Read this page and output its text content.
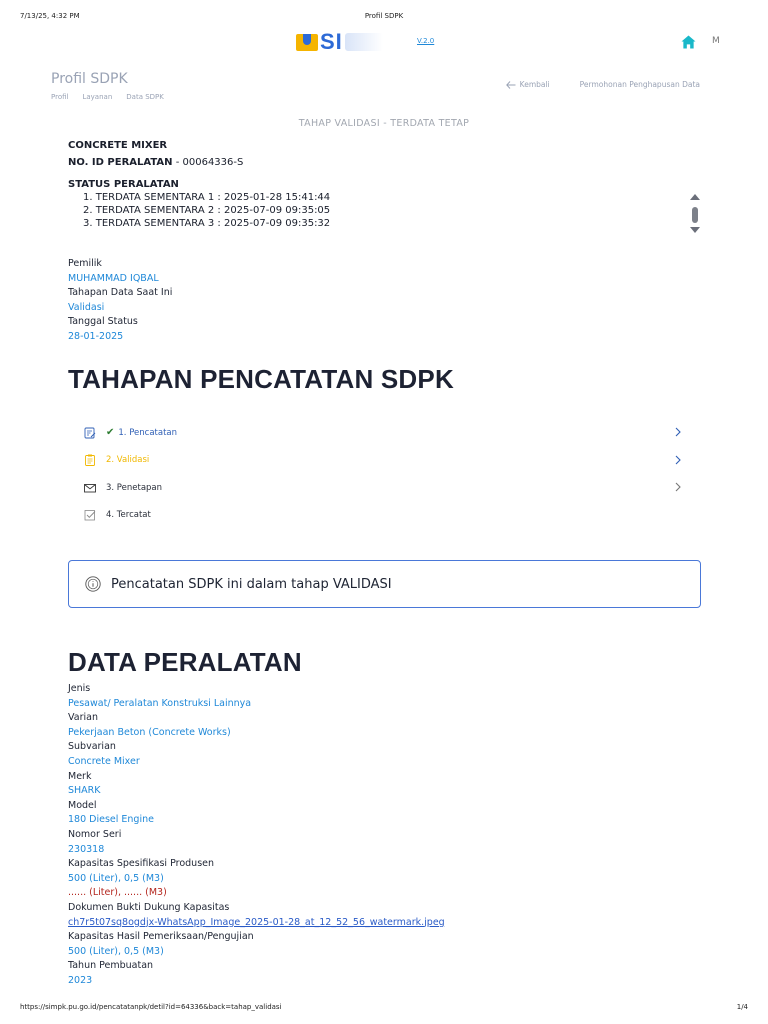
7/13/25, 4:32 PM	Profil SDPK
SI	V.2.0	M
Profil SDPK
Profil Layanan Data SDPK
Kembali	Permohonan Penghapusan Data
TAHAP VALIDASI - TERDATA TETAP
CONCRETE MIXER
NO. ID PERALATAN - 00064336-S
STATUS PERALATAN
1. TERDATA SEMENTARA 1 : 2025-01-28 15:41:44
2. TERDATA SEMENTARA 2 : 2025-07-09 09:35:05
3. TERDATA SEMENTARA 3 : 2025-07-09 09:35:32
Pemilik
MUHAMMAD IQBAL
Tahapan Data Saat Ini
Validasi
Tanggal Status
28-01-2025
TAHAPAN PENCATATAN SDPK
✔ 1. Pencatatan
2. Validasi
3. Penetapan
4. Tercatat
Pencatatan SDPK ini dalam tahap VALIDASI
DATA PERALATAN
Jenis
Pesawat/ Peralatan Konstruksi Lainnya
Varian
Pekerjaan Beton (Concrete Works)
Subvarian
Concrete Mixer
Merk
SHARK
Model
180 Diesel Engine
Nomor Seri
230318
Kapasitas Spesifikasi Produsen
500 (Liter), 0,5 (M3)
...... (Liter), ...... (M3)
Dokumen Bukti Dukung Kapasitas
ch7r5t07sq8ogdjx-WhatsApp_Image_2025-01-28_at_12_52_56_watermark.jpeg
Kapasitas Hasil Pemeriksaan/Pengujian
500 (Liter), 0,5 (M3)
Tahun Pembuatan
2023
https://simpk.pu.go.id/pencatatanpk/detil?id=64336&back=tahap_validasi	1/4
